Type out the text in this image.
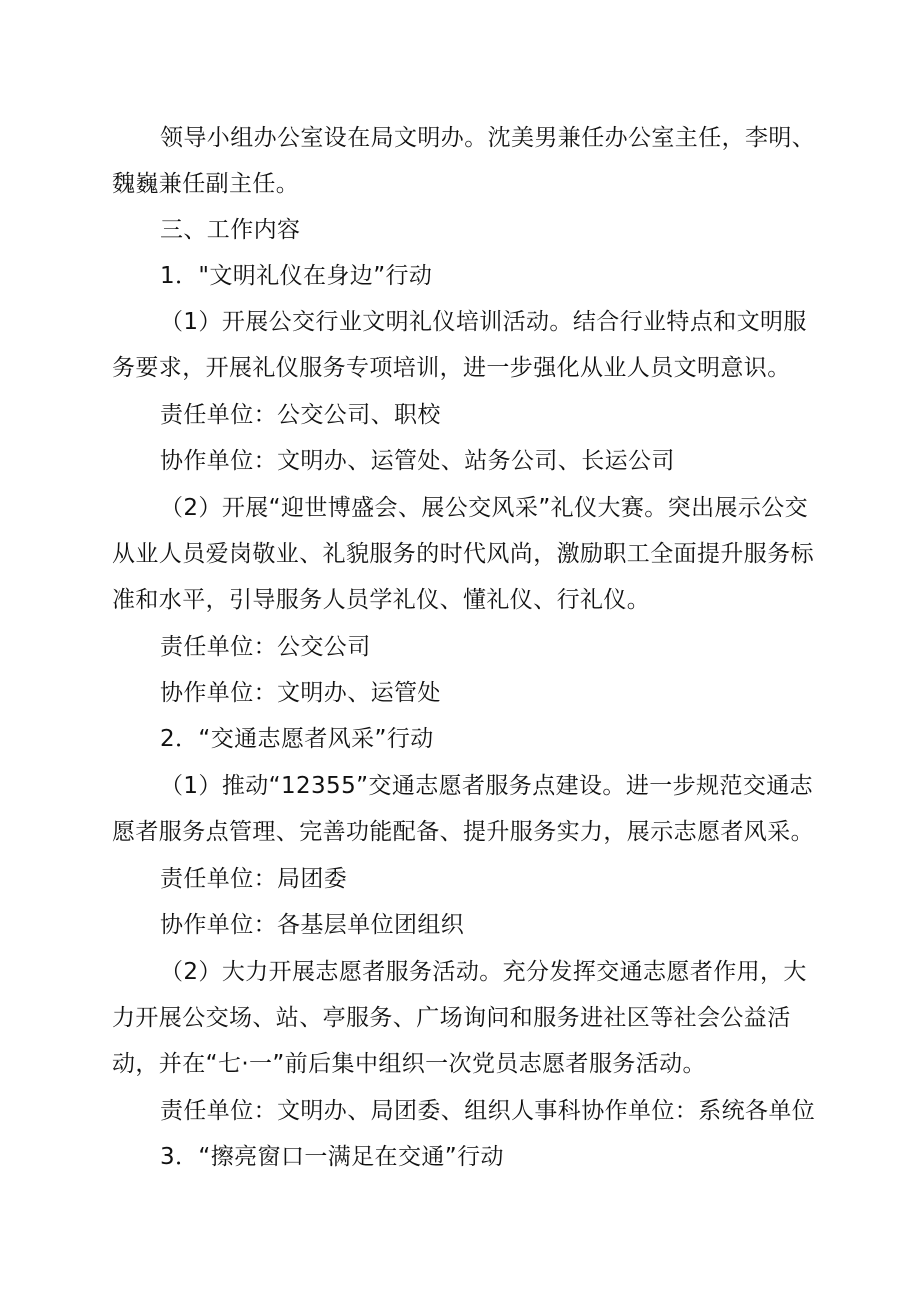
领导小组办公室设在局文明办。沈美男兼任办公室主任，李明、魏巍兼任副主任。

三、工作内容

1．"文明礼仪在身边”行动

（1）开展公交行业文明礼仪培训活动。结合行业特点和文明服务要求，开展礼仪服务专项培训，进一步强化从业人员文明意识。

责任单位：公交公司、职校

协作单位：文明办、运管处、站务公司、长运公司

（2）开展“迎世博盛会、展公交风采”礼仪大赛。突出展示公交从业人员爱岗敬业、礼貌服务的时代风尚，激励职工全面提升服务标准和水平，引导服务人员学礼仪、懂礼仪、行礼仪。

责任单位：公交公司

协作单位：文明办、运管处

2．“交通志愿者风采”行动

（1）推动“12355”交通志愿者服务点建设。进一步规范交通志愿者服务点管理、完善功能配备、提升服务实力，展示志愿者风采。

责任单位：局团委

协作单位：各基层单位团组织

（2）大力开展志愿者服务活动。充分发挥交通志愿者作用，大力开展公交场、站、亭服务、广场询问和服务进社区等社会公益活动，并在“七·一”前后集中组织一次党员志愿者服务活动。

责任单位：文明办、局团委、组织人事科协作单位：系统各单位

3．“擦亮窗口一满足在交通”行动
